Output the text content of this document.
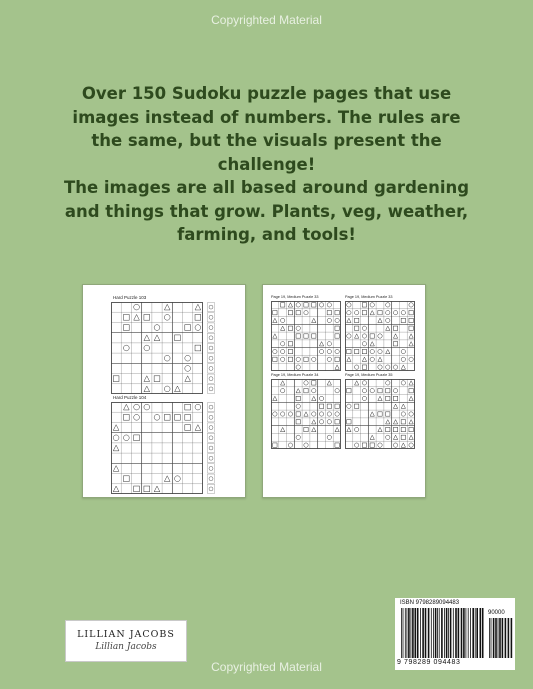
Copyrighted Material

Over 150 Sudoku puzzle pages that use images instead of numbers. The rules are the same, but the visuals present the challenge!

The images are all based around gardening and things that grow. Plants, veg, weather, farming, and tools!

Hard Puzzle 103
Hard Puzzle 104
Page 19, Medium Puzzle 33	Page 19, Medium Puzzle 33
Page 19, Medium Puzzle 34	Page 19, Medium Puzzle 35
LILLIAN JACOBS
Lillian Jacobs
ISBN 9798289094483
90000
9 798289 094483
Copyrighted Material
